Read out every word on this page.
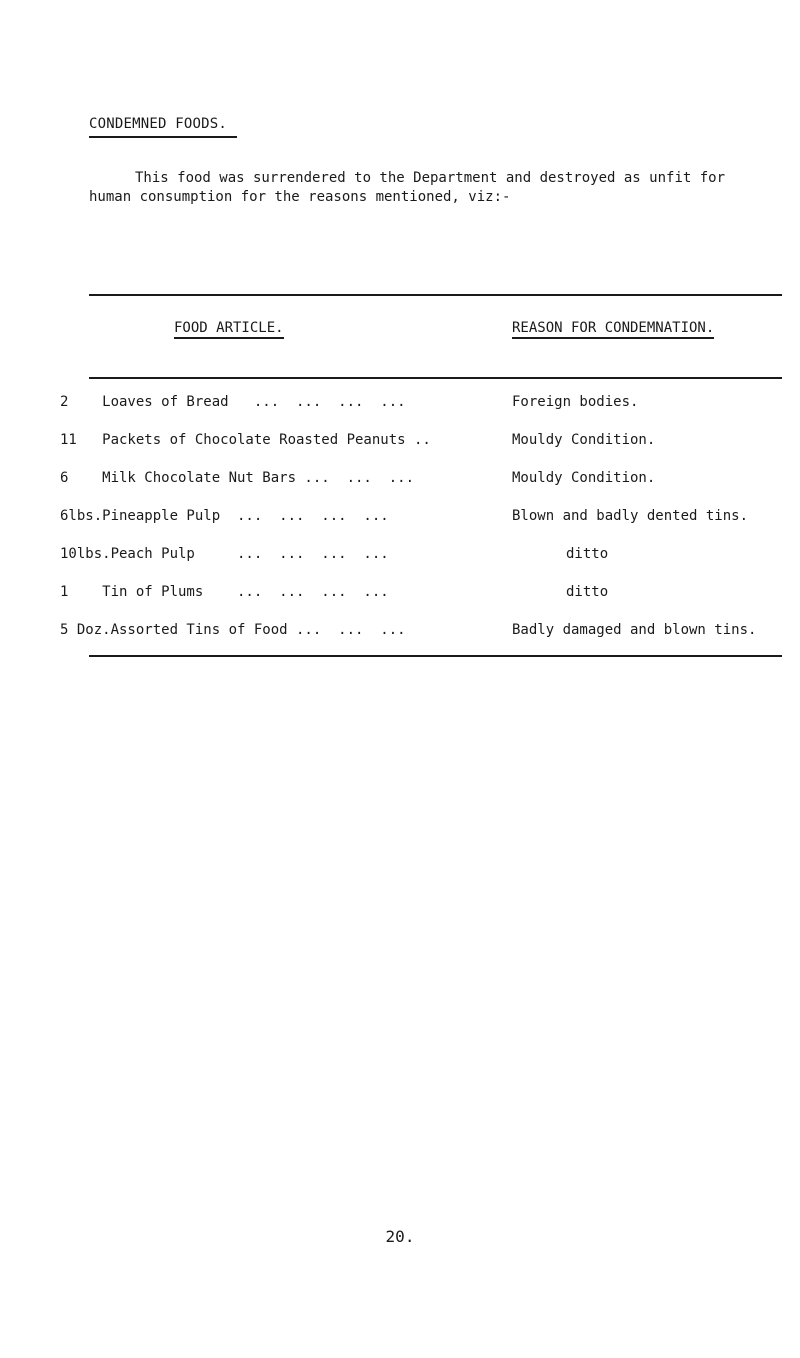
CONDEMNED FOODS.
This food was surrendered to the Department and destroyed as unfit for
human consumption for the reasons mentioned, viz:-
FOOD ARTICLE.	REASON FOR CONDEMNATION.
2    Loaves of Bread   ...  ...  ...  ...	Foreign bodies.
11   Packets of Chocolate Roasted Peanuts ..	Mouldy Condition.
6    Milk Chocolate Nut Bars ...  ...  ...	Mouldy Condition.
6lbs.Pineapple Pulp  ...  ...  ...  ...	Blown and badly dented tins.
10lbs.Peach Pulp     ...  ...  ...  ...	ditto
1    Tin of Plums    ...  ...  ...  ...	ditto
5 Doz.Assorted Tins of Food ...  ...  ...	Badly damaged and blown tins.
20.
